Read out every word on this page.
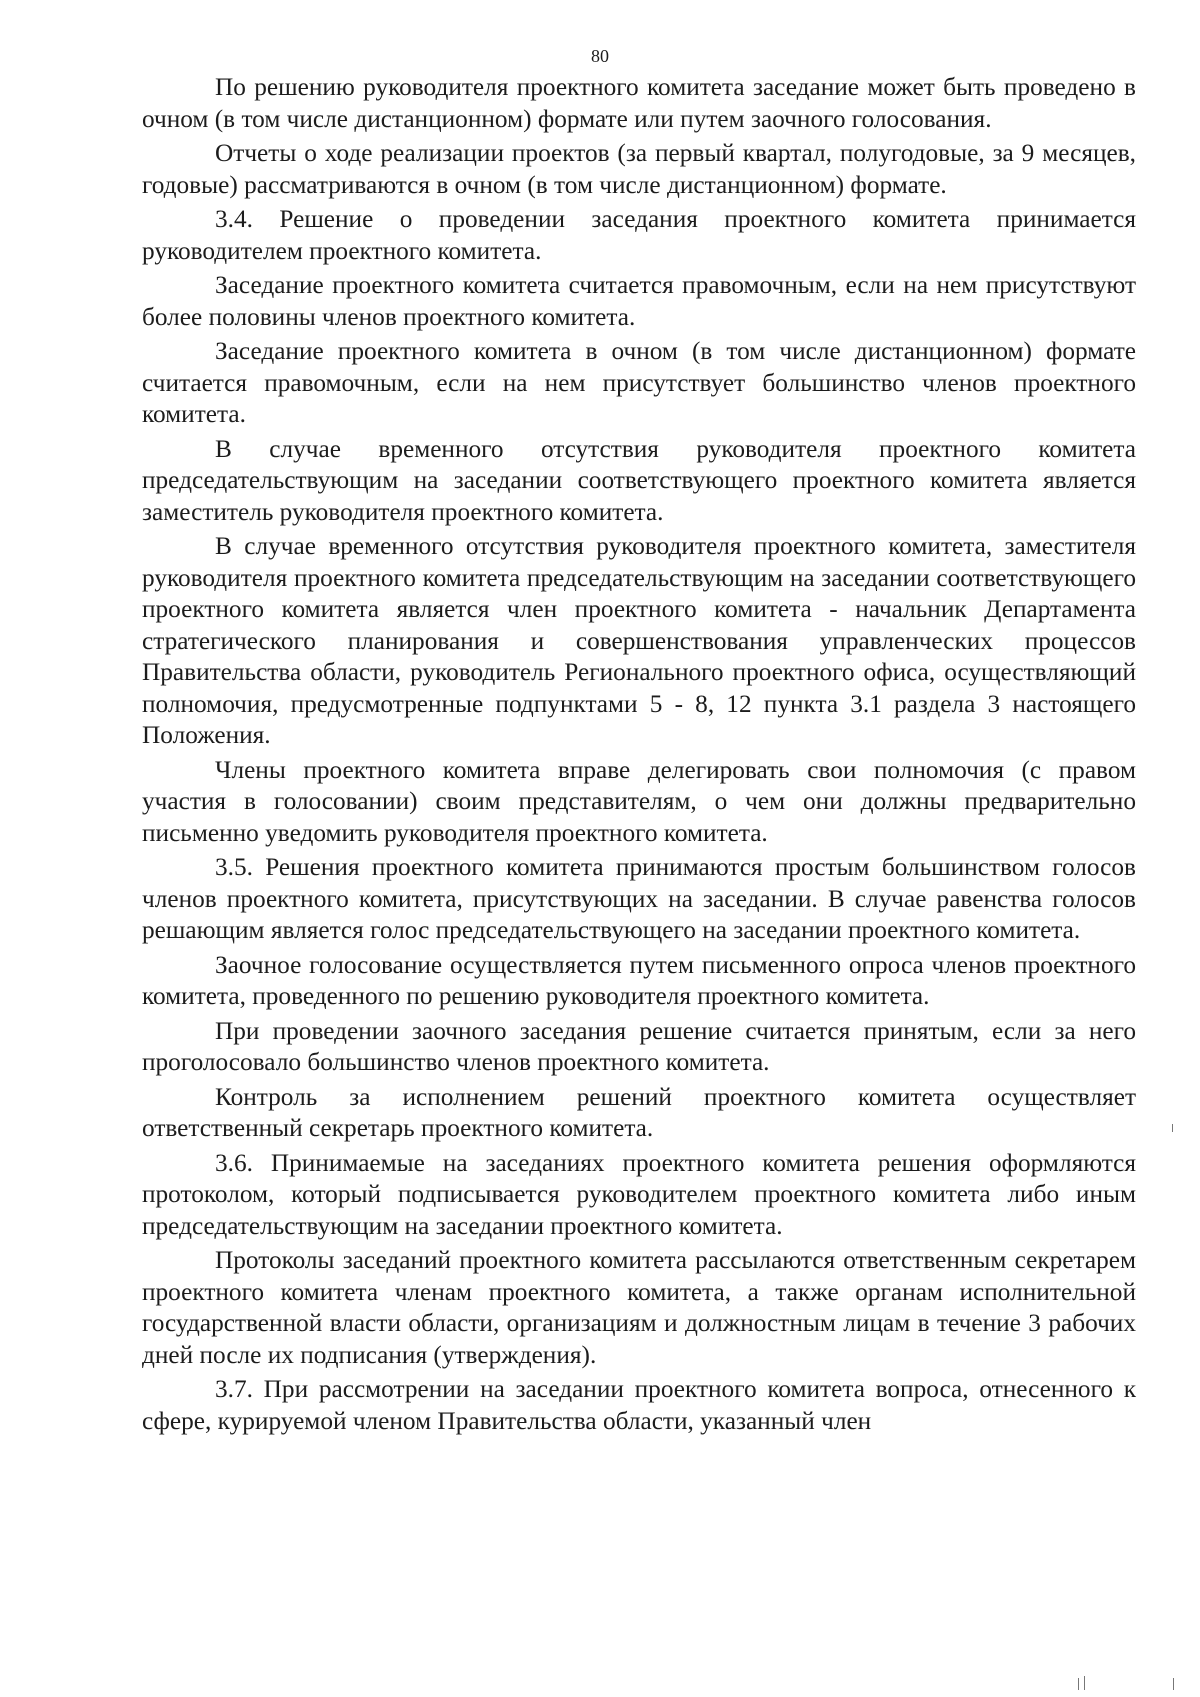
80

По решению руководителя проектного комитета заседание может быть проведено в очном (в том числе дистанционном) формате или путем заочного голосования.

Отчеты о ходе реализации проектов (за первый квартал, полугодовые, за 9 месяцев, годовые) рассматриваются в очном (в том числе дистанционном) формате.

3.4. Решение о проведении заседания проектного комитета принимается руководителем проектного комитета.

Заседание проектного комитета считается правомочным, если на нем присутствуют более половины членов проектного комитета.

Заседание проектного комитета в очном (в том числе дистанционном) формате считается правомочным, если на нем присутствует большинство членов проектного комитета.

В случае временного отсутствия руководителя проектного комитета председательствующим на заседании соответствующего проектного комитета является заместитель руководителя проектного комитета.

В случае временного отсутствия руководителя проектного комитета, заместителя руководителя проектного комитета председательствующим на заседании соответствующего проектного комитета является член проектного комитета - начальник Департамента стратегического планирования и совершенствования управленческих процессов Правительства области, руководитель Регионального проектного офиса, осуществляющий полномочия, предусмотренные подпунктами 5 - 8, 12 пункта 3.1 раздела 3 настоящего Положения.

Члены проектного комитета вправе делегировать свои полномочия (с правом участия в голосовании) своим представителям, о чем они должны предварительно письменно уведомить руководителя проектного комитета.

3.5. Решения проектного комитета принимаются простым большинством голосов членов проектного комитета, присутствующих на заседании. В случае равенства голосов решающим является голос председательствующего на заседании проектного комитета.

Заочное голосование осуществляется путем письменного опроса членов проектного комитета, проведенного по решению руководителя проектного комитета.

При проведении заочного заседания решение считается принятым, если за него проголосовало большинство членов проектного комитета.

Контроль за исполнением решений проектного комитета осуществляет ответственный секретарь проектного комитета.

3.6. Принимаемые на заседаниях проектного комитета решения оформляются протоколом, который подписывается руководителем проектного комитета либо иным председательствующим на заседании проектного комитета.

Протоколы заседаний проектного комитета рассылаются ответственным секретарем проектного комитета членам проектного комитета, а также органам исполнительной государственной власти области, организациям и должностным лицам в течение 3 рабочих дней после их подписания (утверждения).

3.7. При рассмотрении на заседании проектного комитета вопроса, отнесенного к сфере, курируемой членом Правительства области, указанный член
